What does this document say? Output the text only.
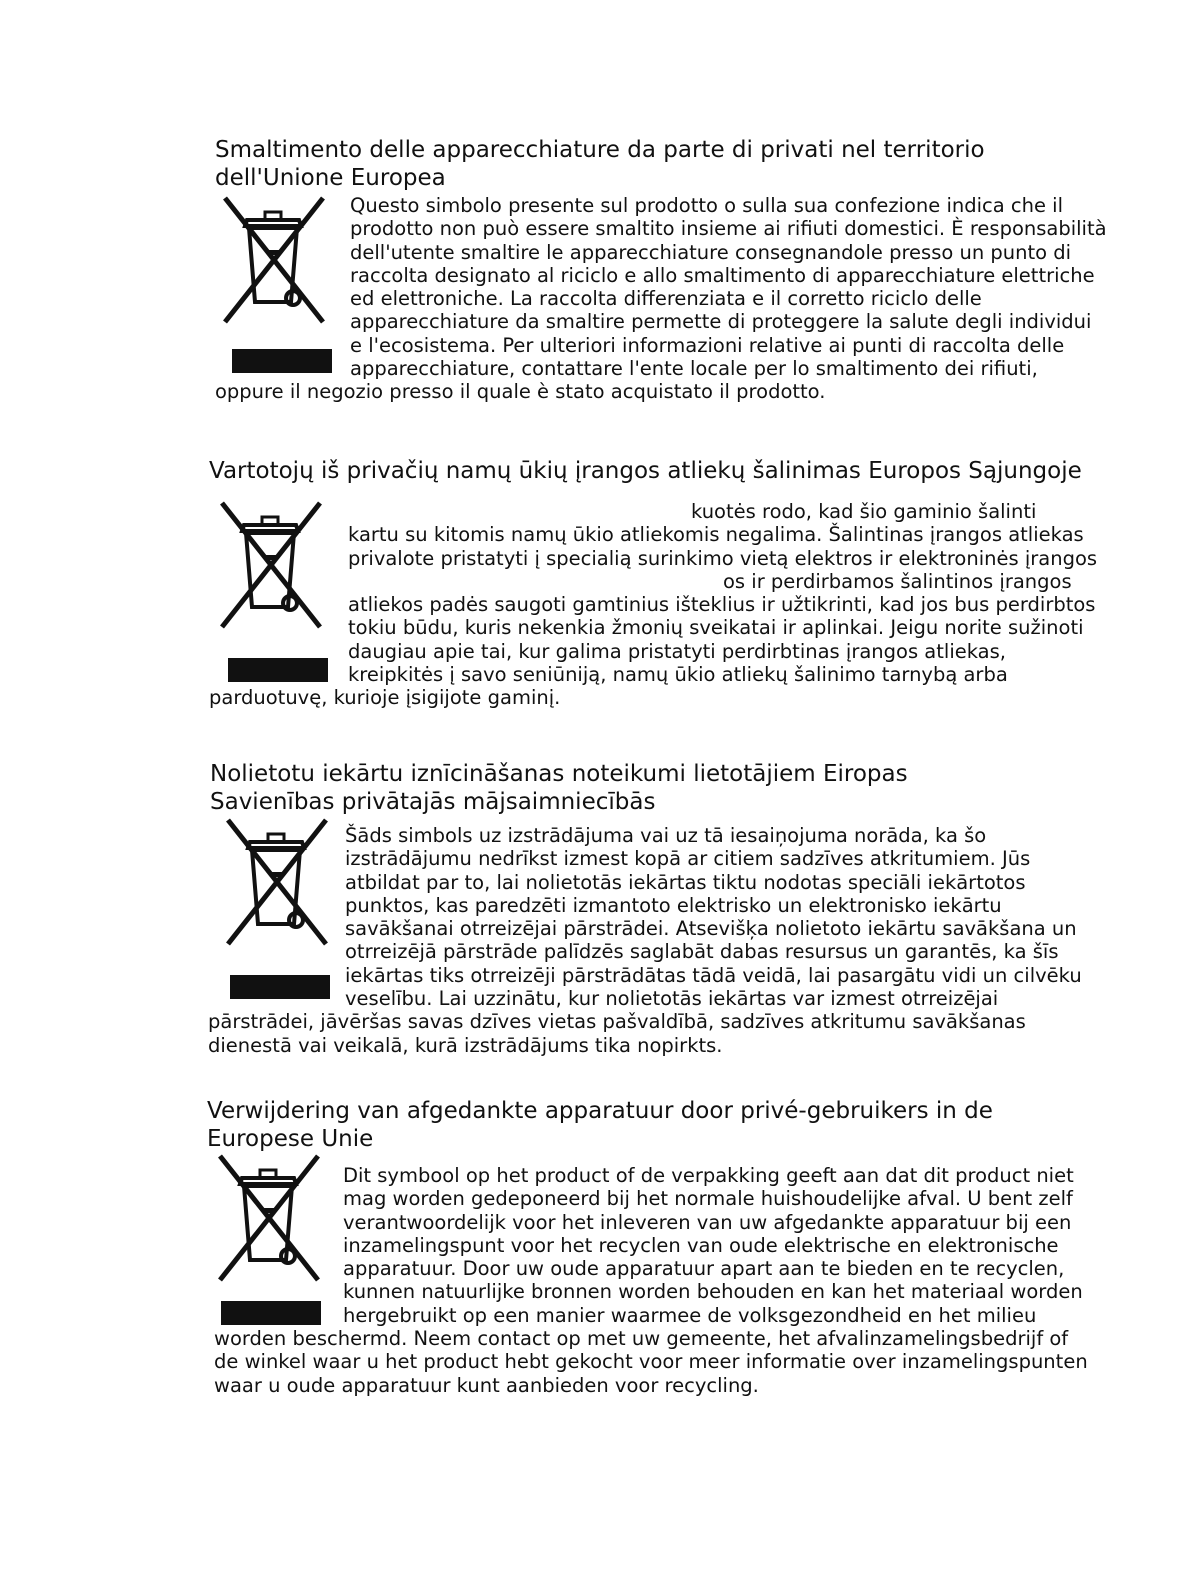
Smaltimento delle apparecchiature da parte di privati nel territorio dell'Unione Europea

Questo simbolo presente sul prodotto o sulla sua confezione indica che il
prodotto non può essere smaltito insieme ai rifiuti domestici. È responsabilità
dell'utente smaltire le apparecchiature consegnandole presso un punto di
raccolta designato al riciclo e allo smaltimento di apparecchiature elettriche
ed elettroniche. La raccolta differenziata e il corretto riciclo delle
apparecchiature da smaltire permette di proteggere la salute degli individui
e l'ecosistema. Per ulteriori informazioni relative ai punti di raccolta delle
apparecchiature, contattare l'ente locale per lo smaltimento dei rifiuti,
oppure il negozio presso il quale è stato acquistato il prodotto.

Vartotojų iš privačių namų ūkių įrangos atliekų šalinimas Europos Sąjungoje

kuotės rodo, kad šio gaminio šalinti
kartu su kitomis namų ūkio atliekomis negalima. Šalintinas įrangos atliekas
privalote pristatyti į specialią surinkimo vietą elektros ir elektroninės įrangos
os ir perdirbamos šalintinos įrangos
atliekos padės saugoti gamtinius išteklius ir užtikrinti, kad jos bus perdirbtos
tokiu būdu, kuris nekenkia žmonių sveikatai ir aplinkai. Jeigu norite sužinoti
daugiau apie tai, kur galima pristatyti perdirbtinas įrangos atliekas,
kreipkitės į savo seniūniją, namų ūkio atliekų šalinimo tarnybą arba
parduotuvę, kurioje įsigijote gaminį.

Nolietotu iekārtu iznīcināšanas noteikumi lietotājiem Eiropas Savienības privātajās mājsaimniecībās

Šāds simbols uz izstrādājuma vai uz tā iesaiņojuma norāda, ka šo
izstrādājumu nedrīkst izmest kopā ar citiem sadzīves atkritumiem. Jūs
atbildat par to, lai nolietotās iekārtas tiktu nodotas speciāli iekārtotos
punktos, kas paredzēti izmantoto elektrisko un elektronisko iekārtu
savākšanai otrreizējai pārstrādei. Atsevišķa nolietoto iekārtu savākšana un
otrreizējā pārstrāde palīdzēs saglabāt dabas resursus un garantēs, ka šīs
iekārtas tiks otrreizēji pārstrādātas tādā veidā, lai pasargātu vidi un cilvēku
veselību. Lai uzzinātu, kur nolietotās iekārtas var izmest otrreizējai
pārstrādei, jāvēršas savas dzīves vietas pašvaldībā, sadzīves atkritumu savākšanas
dienestā vai veikalā, kurā izstrādājums tika nopirkts.

Verwijdering van afgedankte apparatuur door privé-gebruikers in de Europese Unie

Dit symbool op het product of de verpakking geeft aan dat dit product niet
mag worden gedeponeerd bij het normale huishoudelijke afval. U bent zelf
verantwoordelijk voor het inleveren van uw afgedankte apparatuur bij een
inzamelingspunt voor het recyclen van oude elektrische en elektronische
apparatuur. Door uw oude apparatuur apart aan te bieden en te recyclen,
kunnen natuurlijke bronnen worden behouden en kan het materiaal worden
hergebruikt op een manier waarmee de volksgezondheid en het milieu
worden beschermd. Neem contact op met uw gemeente, het afvalinzamelingsbedrijf of
de winkel waar u het product hebt gekocht voor meer informatie over inzamelingspunten
waar u oude apparatuur kunt aanbieden voor recycling.
